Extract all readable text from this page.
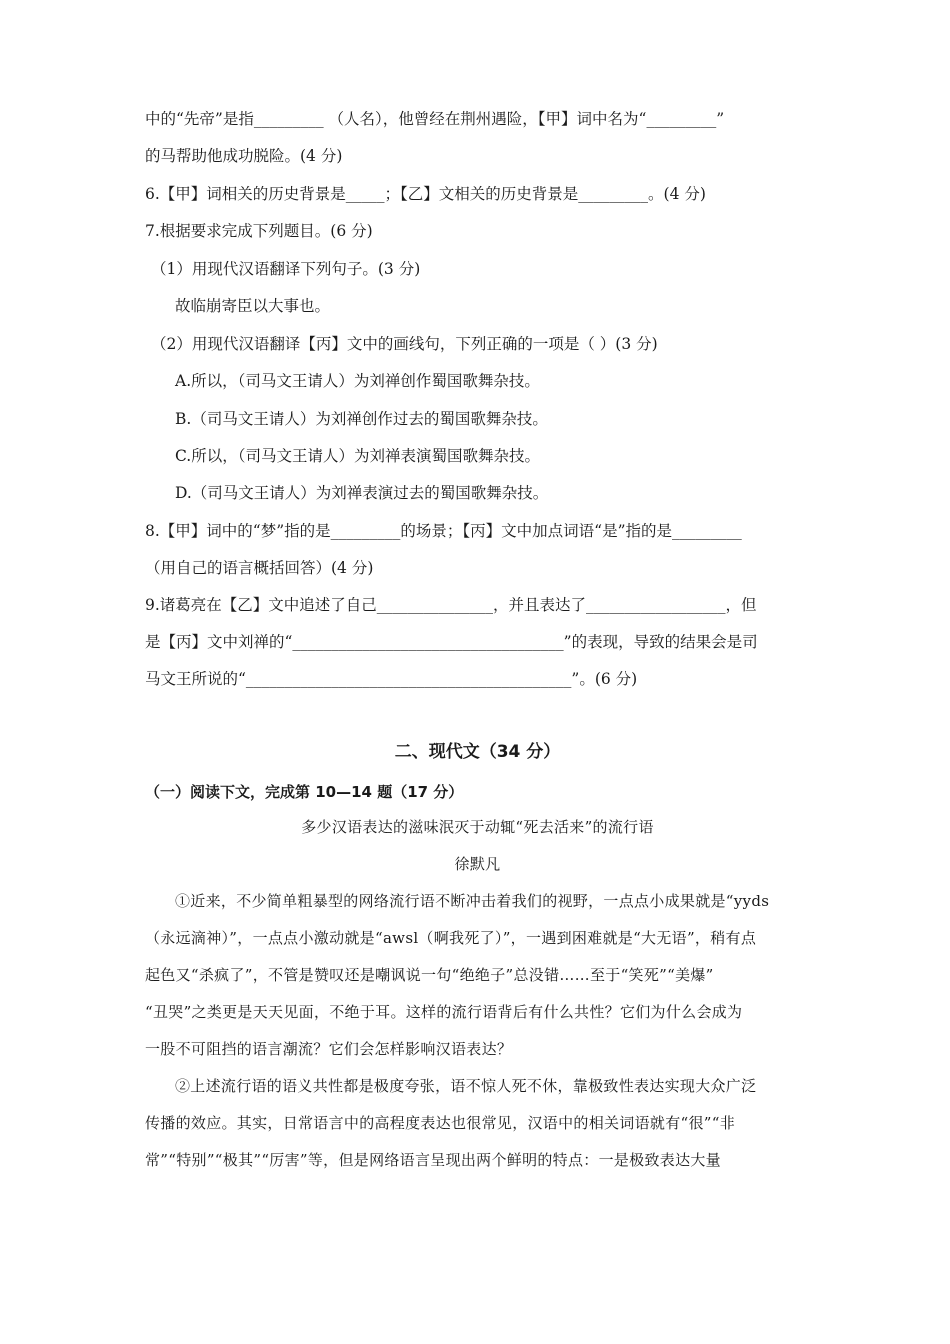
中的“先帝”是指_________ （人名），他曾经在荆州遇险，【甲】词中名为“_________”
的马帮助他成功脱险。(4 分)
6.【甲】词相关的历史背景是_____；【乙】文相关的历史背景是_________。(4 分)
7.根据要求完成下列题目。(6 分)
（1）用现代汉语翻译下列句子。(3 分)
故临崩寄臣以大事也。
（2）用现代汉语翻译【丙】文中的画线句，下列正确的一项是（ ）(3 分)
A.所以，（司马文王请人）为刘禅创作蜀国歌舞杂技。
B.（司马文王请人）为刘禅创作过去的蜀国歌舞杂技。
C.所以，（司马文王请人）为刘禅表演蜀国歌舞杂技。
D.（司马文王请人）为刘禅表演过去的蜀国歌舞杂技。
8.【甲】词中的“梦”指的是_________的场景；【丙】文中加点词语“是”指的是_________
（用自己的语言概括回答）(4 分)
9.诸葛亮在【乙】文中追述了自己_______________，并且表达了__________________，但
是【丙】文中刘禅的“___________________________________”的表现，导致的结果会是司
马文王所说的“__________________________________________”。(6 分)
二、现代文（34 分）
（一）阅读下文，完成第 10—14 题（17 分）
多少汉语表达的滋味泯灭于动辄“死去活来”的流行语
徐默凡
①近来，不少简单粗暴型的网络流行语不断冲击着我们的视野，一点点小成果就是“yyds
（永远滴神）”，一点点小激动就是“awsl（啊我死了）”，一遇到困难就是“大无语”，稍有点
起色又“杀疯了”，不管是赞叹还是嘲讽说一句“绝绝子”总没错……至于“笑死”“美爆”
“丑哭”之类更是天天见面，不绝于耳。这样的流行语背后有什么共性？它们为什么会成为
一股不可阻挡的语言潮流？它们会怎样影响汉语表达？
②上述流行语的语义共性都是极度夸张，语不惊人死不休，靠极致性表达实现大众广泛
传播的效应。其实，日常语言中的高程度表达也很常见，汉语中的相关词语就有“很”“非
常”“特别”“极其”“厉害”等，但是网络语言呈现出两个鲜明的特点：一是极致表达大量
